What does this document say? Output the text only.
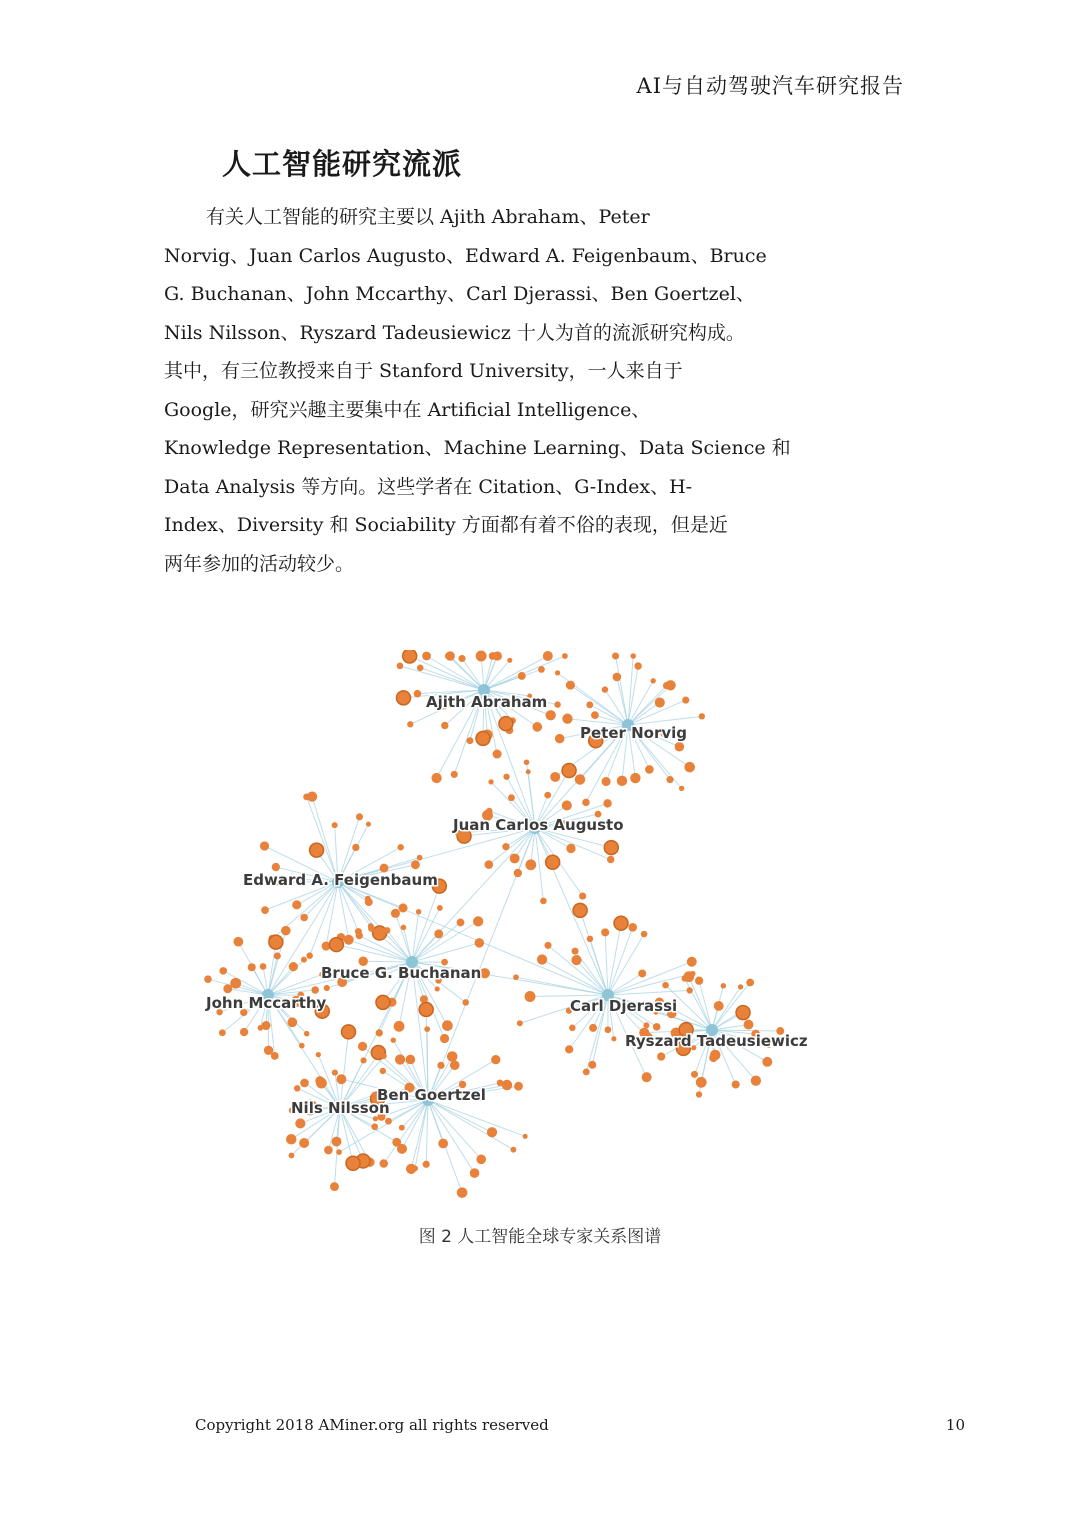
AI与自动驾驶汽车研究报告
人工智能研究流派
有关人工智能的研究主要以 Ajith Abraham、Peter
Norvig、Juan Carlos Augusto、Edward A. Feigenbaum、Bruce
G. Buchanan、John Mccarthy、Carl Djerassi、Ben Goertzel、
Nils Nilsson、Ryszard Tadeusiewicz 十人为首的流派研究构成。
其中，有三位教授来自于 Stanford University，一人来自于
Google，研究兴趣主要集中在 Artificial Intelligence、
Knowledge Representation、Machine Learning、Data Science 和
Data Analysis 等方向。这些学者在 Citation、G-Index、H-
Index、Diversity 和 Sociability 方面都有着不俗的表现，但是近
两年参加的活动较少。
Ajith Abraham
Peter Norvig
Juan Carlos Augusto
Edward A. Feigenbaum
Bruce G. Buchanan
John Mccarthy	Carl Djerassi
Ryszard Tadeusiewicz
Ben Goertzel
Nils Nilsson
图 2 人工智能全球专家关系图谱
Copyright 2018 AMiner.org all rights reserved	10
